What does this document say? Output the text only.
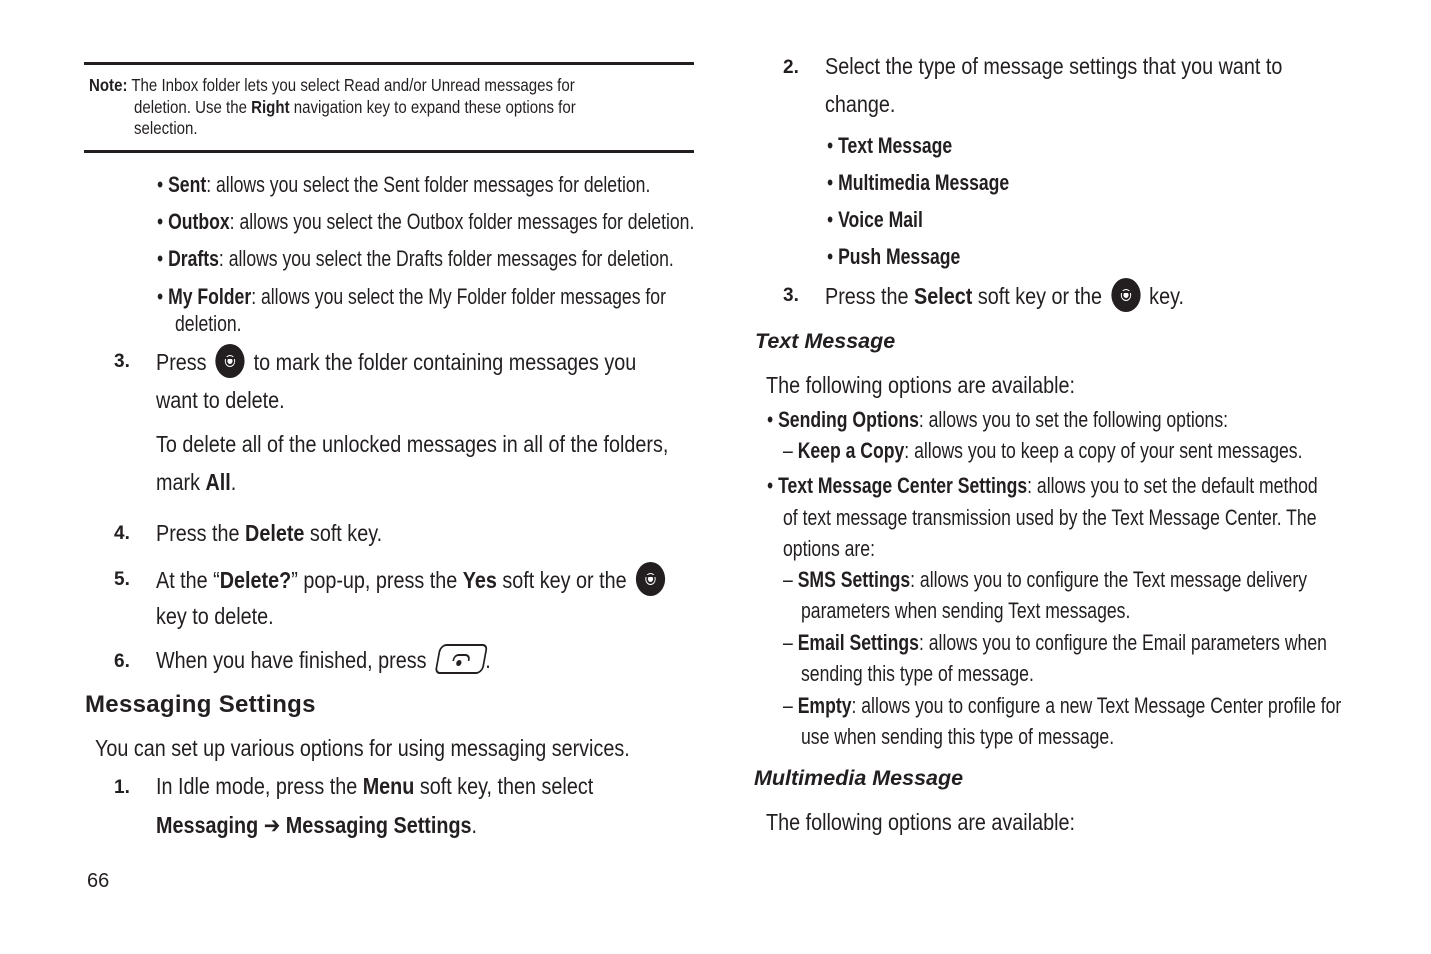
Note: The Inbox folder lets you select Read and/or Unread messages for
deletion. Use the Right navigation key to expand these options for
selection.
• Sent: allows you select the Sent folder messages for deletion.
• Outbox: allows you select the Outbox folder messages for deletion.
• Drafts: allows you select the Drafts folder messages for deletion.
• My Folder: allows you select the My Folder folder messages for
deletion.
3. Press
to mark the folder containing messages you
want to delete.
To delete all of the unlocked messages in all of the folders,
mark All.
4. Press the Delete soft key.
5. At the “Delete?” pop-up, press the Yes soft key or the
key to delete.
6. When you have finished, press
.
Messaging Settings
You can set up various options for using messaging services.
1. In Idle mode, press the Menu soft key, then select
Messaging ➔ Messaging Settings.
66
2. Select the type of message settings that you want to
change.
• Text Message
• Multimedia Message
• Voice Mail
• Push Message
3. Press the Select soft key or the
key.
Text Message
The following options are available:
• Sending Options: allows you to set the following options:
– Keep a Copy: allows you to keep a copy of your sent messages.
• Text Message Center Settings: allows you to set the default method
of text message transmission used by the Text Message Center. The
options are:
– SMS Settings: allows you to configure the Text message delivery
parameters when sending Text messages.
– Email Settings: allows you to configure the Email parameters when
sending this type of message.
– Empty: allows you to configure a new Text Message Center profile for
use when sending this type of message.
Multimedia Message
The following options are available:
